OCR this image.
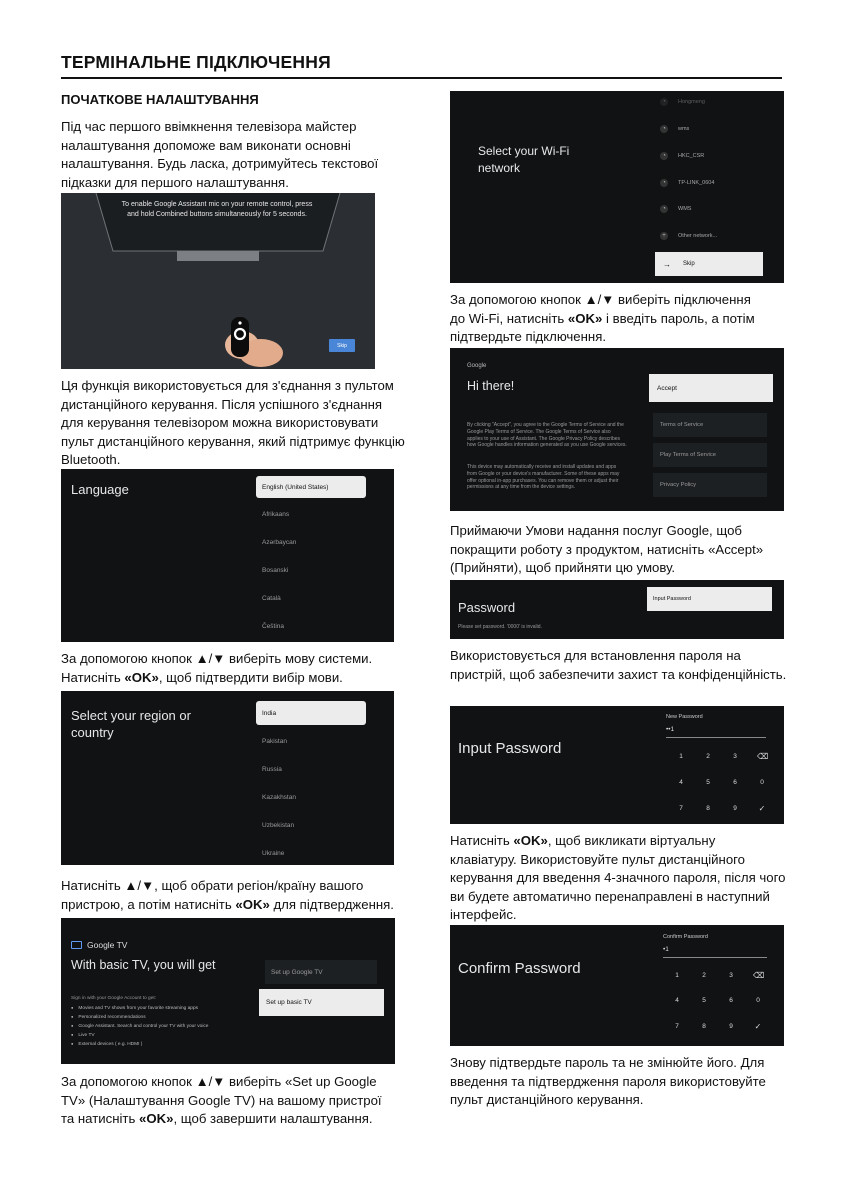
ТЕРМІНАЛЬНЕ ПІДКЛЮЧЕННЯ
ПОЧАТКОВЕ НАЛАШТУВАННЯ
Під час першого ввімкнення телевізора майстер налаштування допоможе вам виконати основні налаштування. Будь ласка, дотримуйтесь текстової підказки для першого налаштування.
To enable Google Assistant mic on your remote control, press and hold Combined buttons simultaneously for 5 seconds.
Skip
Ця функція використовується для з'єднання з пультом дистанційного керування. Після успішного з'єднання для керування телевізором можна використовувати пульт дистанційного керування, який підтримує функцію Bluetooth.
Language	English (United States)
Afrikaans
Azərbaycan
Bosanski
Català
Čeština
За допомогою кнопок ▲/▼ виберіть мову системи.
Натисніть «OK», щоб підтвердити вибір мови.
Select your region or country
India
Pakistan
Russia
Kazakhstan
Uzbekistan
Ukraine
Натисніть ▲/▼, щоб обрати регіон/країну вашого
пристрою, а потім натисніть «OK» для підтвердження.
Google TV
With basic TV, you will get
Sign in with your Google Account to get:
● Movies and TV shows from your favorite streaming apps
● Personalized recommendations
● Google Assistant. Search and control your TV with your voice
● Live TV
● External devices ( e.g. HDMI )
Set up Google TV
Set up basic TV
За допомогою кнопок ▲/▼ виберіть «Set up Google
TV» (Налаштування Google TV) на вашому пристрої
та натисніть «OK», щоб завершити налаштування.
Select your Wi-Fi network
◔	Hongmeng
◔	wms
◔	HKC_CSR
◔	TP-LINK_0604
◔	WMS
+	Other network...
→ Skip
За допомогою кнопок ▲/▼ виберіть підключення
до Wi-Fi, натисніть «OK» і введіть пароль, а потім
підтвердьте підключення.
Google
Hi there!
By clicking "Accept", you agree to the Google Terms of Service and the Google Play Terms of Service. The Google Terms of Service also applies to your use of Assistant. The Google Privacy Policy describes how Google handles information generated as you use Google services.
This device may automatically receive and install updates and apps from Google or your device's manufacturer. Some of these apps may offer optional in-app purchases. You can remove them or adjust their permissions at any time from the device settings.
Accept
Terms of Service
Play Terms of Service
Privacy Policy
Приймаючи Умови надання послуг Google, щоб покращити роботу з продуктом, натисніть «Accept» (Прийняти), щоб прийняти цю умову.
Password
Please set password. '0000' is invalid.
Input Password
Використовується для встановлення пароля на пристрій, щоб забезпечити захист та конфіденційність.
Input Password
New Password
••1
1	2	3	⌫
4	5	6	0
7	8	9	✓
Натисніть «OK», щоб викликати віртуальну
клавіатуру. Використовуйте пульт дистанційного керування для введення 4-значного пароля, після чого ви будете автоматично перенаправлені в наступний інтерфейс.
Confirm Password
Confirm Password
•1
1	2	3	⌫
4	5	6	0
7	8	9	✓
Знову підтвердьте пароль та не змінюйте його. Для введення та підтвердження пароля використовуйте пульт дистанційного керування.
